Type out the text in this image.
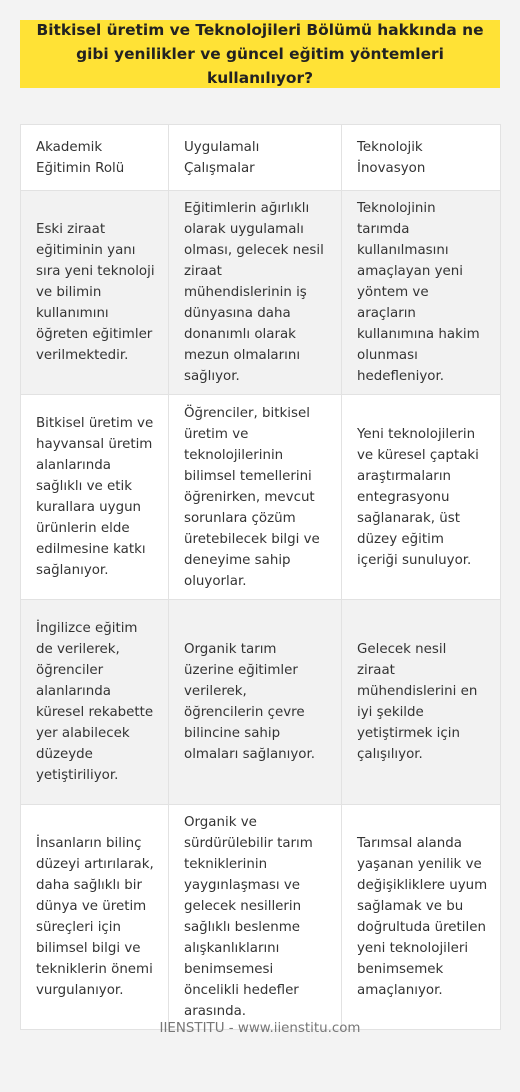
Bitkisel üretim ve Teknolojileri Bölümü hakkında ne gibi yenilikler ve güncel eğitim yöntemleri kullanılıyor?
Akademik Eğitimin Rolü	Uygulamalı Çalışmalar	Teknolojik İnovasyon
Eski ziraat eğitiminin yanı sıra yeni teknoloji ve bilimin kullanımını öğreten eğitimler verilmektedir.	Eğitimlerin ağırlıklı olarak uygulamalı olması, gelecek nesil ziraat mühendislerinin iş dünyasına daha donanımlı olarak mezun olmalarını sağlıyor.	Teknolojinin tarımda kullanılmasını amaçlayan yeni yöntem ve araçların kullanımına hakim olunması hedefleniyor.
Bitkisel üretim ve hayvansal üretim alanlarında sağlıklı ve etik kurallara uygun ürünlerin elde edilmesine katkı sağlanıyor.	Öğrenciler, bitkisel üretim ve teknolojilerinin bilimsel temellerini öğrenirken, mevcut sorunlara çözüm üretebilecek bilgi ve deneyime sahip oluyorlar.	Yeni teknolojilerin ve küresel çaptaki araştırmaların entegrasyonu sağlanarak, üst düzey eğitim içeriği sunuluyor.
İngilizce eğitim de verilerek, öğrenciler alanlarında küresel rekabette yer alabilecek düzeyde yetiştiriliyor.	Organik tarım üzerine eğitimler verilerek, öğrencilerin çevre bilincine sahip olmaları sağlanıyor.	Gelecek nesil ziraat mühendislerini en iyi şekilde yetiştirmek için çalışılıyor.
İnsanların bilinç düzeyi artırılarak, daha sağlıklı bir dünya ve üretim süreçleri için bilimsel bilgi ve tekniklerin önemi vurgulanıyor.	Organik ve sürdürülebilir tarım tekniklerinin yaygınlaşması ve gelecek nesillerin sağlıklı beslenme alışkanlıklarını benimsemesi öncelikli hedefler arasında.	Tarımsal alanda yaşanan yenilik ve değişikliklere uyum sağlamak ve bu doğrultuda üretilen yeni teknolojileri benimsemek amaçlanıyor.
IIENSTITU - www.iienstitu.com
